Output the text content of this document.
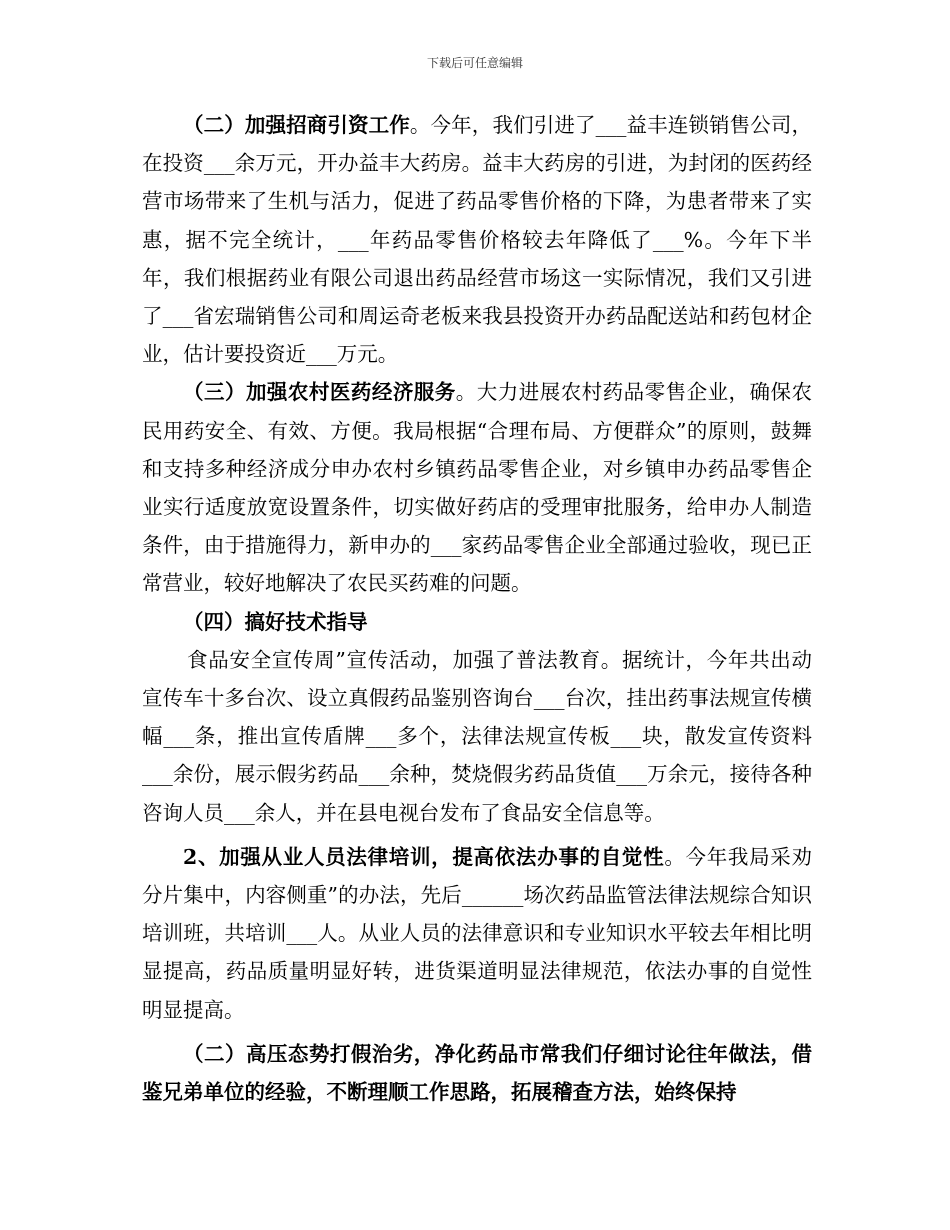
下载后可任意编辑

（二）加强招商引资工作。今年，我们引进了___益丰连锁销售公司，在投资___余万元，开办益丰大药房。益丰大药房的引进，为封闭的医药经营市场带来了生机与活力，促进了药品零售价格的下降，为患者带来了实惠，据不完全统计，___年药品零售价格较去年降低了___%。今年下半年，我们根据药业有限公司退出药品经营市场这一实际情况，我们又引进了___省宏瑞销售公司和周运奇老板来我县投资开办药品配送站和药包材企业，估计要投资近___万元。

（三）加强农村医药经济服务。大力进展农村药品零售企业，确保农民用药安全、有效、方便。我局根据“合理布局、方便群众”的原则，鼓舞和支持多种经济成分申办农村乡镇药品零售企业，对乡镇申办药品零售企业实行适度放宽设置条件，切实做好药店的受理审批服务，给申办人制造条件，由于措施得力，新申办的___家药品零售企业全部通过验收，现已正常营业，较好地解决了农民买药难的问题。

（四）搞好技术指导

食品安全宣传周”宣传活动，加强了普法教育。据统计，今年共出动宣传车十多台次、设立真假药品鉴别咨询台___台次，挂出药事法规宣传横幅___条，推出宣传盾牌___多个，法律法规宣传板___块，散发宣传资料___余份，展示假劣药品___余种，焚烧假劣药品货值___万余元，接待各种咨询人员___余人，并在县电视台发布了食品安全信息等。

2、加强从业人员法律培训，提高依法办事的自觉性。今年我局采劝分片集中，内容侧重”的办法，先后______场次药品监管法律法规综合知识培训班，共培训___人。从业人员的法律意识和专业知识水平较去年相比明显提高，药品质量明显好转，进货渠道明显法律规范，依法办事的自觉性明显提高。

（二）高压态势打假治劣，净化药品市常我们仔细讨论往年做法，借鉴兄弟单位的经验，不断理顺工作思路，拓展稽查方法，始终保持
